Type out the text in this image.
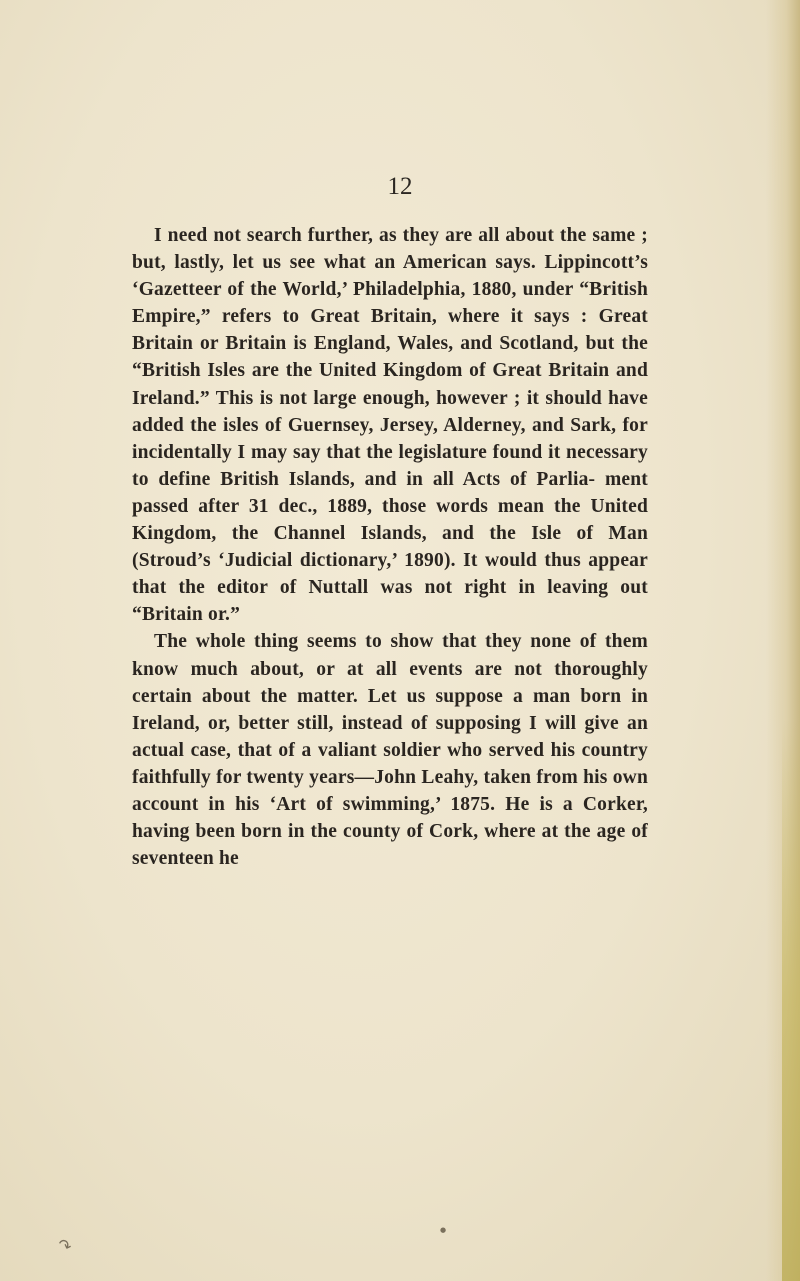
12

I need not search further, as they are all about the same ; but, lastly, let us see what an American says. Lippincott’s ‘Gazetteer of the World,’ Philadelphia, 1880, under “British Empire,” refers to Great Britain, where it says : Great Britain or Britain is England, Wales, and Scotland, but the “British Isles are the United Kingdom of Great Britain and Ireland.” This is not large enough, however ; it should have added the isles of Guernsey, Jersey, Alderney, and Sark, for incidentally I may say that the legislature found it necessary to define British Islands, and in all Acts of Parlia- ment passed after 31 dec., 1889, those words mean the United Kingdom, the Channel Islands, and the Isle of Man (Stroud’s ‘Judicial dictionary,’ 1890). It would thus appear that the editor of Nuttall was not right in leaving out “Britain or.”

The whole thing seems to show that they none of them know much about, or at all events are not thoroughly certain about the matter. Let us suppose a man born in Ireland, or, better still, instead of supposing I will give an actual case, that of a valiant soldier who served his country faithfully for twenty years—John Leahy, taken from his own account in his ‘Art of swimming,’ 1875. He is a Corker, having been born in the county of Cork, where at the age of seventeen he

↷
●
